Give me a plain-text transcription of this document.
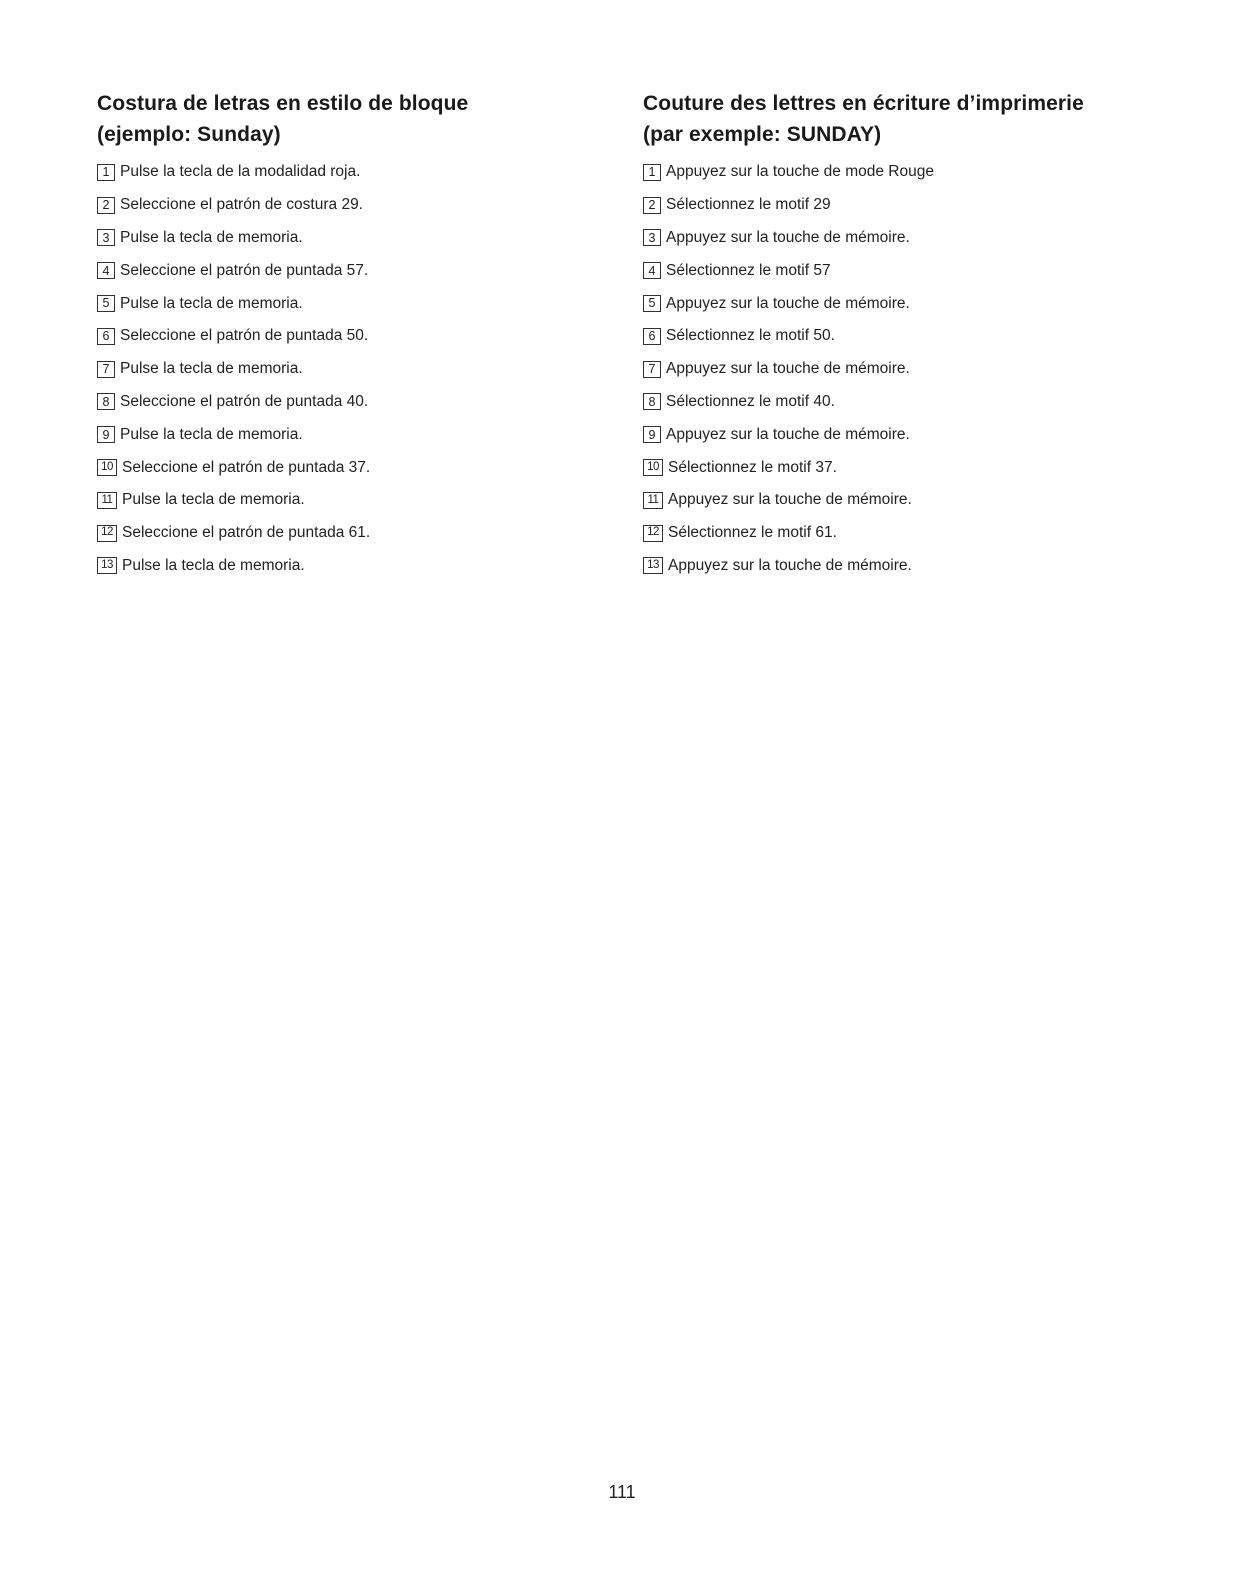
Costura de letras en estilo de bloque
(ejemplo: Sunday)
1 Pulse la tecla de la modalidad roja.
2 Seleccione el patrón de costura 29.
3 Pulse la tecla de memoria.
4 Seleccione el patrón de puntada 57.
5 Pulse la tecla de memoria.
6 Seleccione el patrón de puntada 50.
7 Pulse la tecla de memoria.
8 Seleccione el patrón de puntada 40.
9 Pulse la tecla de memoria.
10 Seleccione el patrón de puntada 37.
11 Pulse la tecla de memoria.
12 Seleccione el patrón de puntada 61.
13 Pulse la tecla de memoria.
Couture des lettres en écriture d’imprimerie
(par exemple: SUNDAY)
1 Appuyez sur la touche de mode Rouge
2 Sélectionnez le motif 29
3 Appuyez sur la touche de mémoire.
4 Sélectionnez le motif 57
5 Appuyez sur la touche de mémoire.
6 Sélectionnez le motif 50.
7 Appuyez sur la touche de mémoire.
8 Sélectionnez le motif 40.
9 Appuyez sur la touche de mémoire.
10 Sélectionnez le motif 37.
11 Appuyez sur la touche de mémoire.
12 Sélectionnez le motif 61.
13 Appuyez sur la touche de mémoire.
111
